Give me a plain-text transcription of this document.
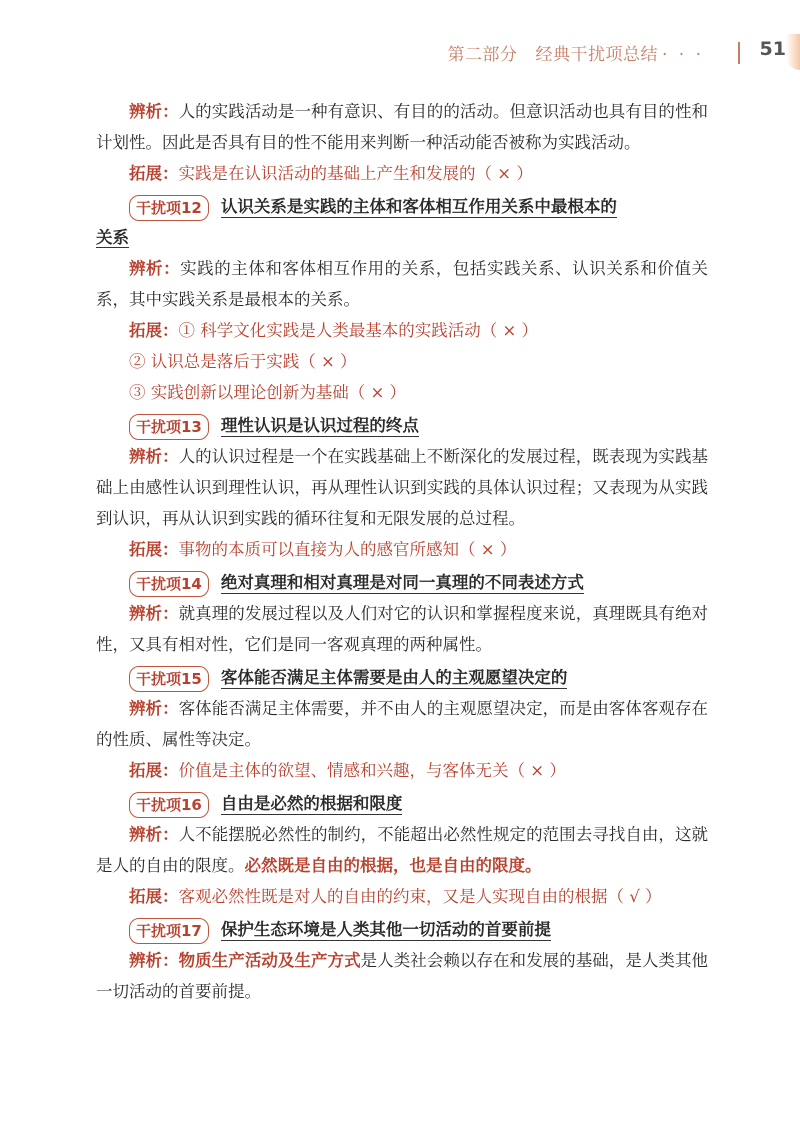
第二部分 经典干扰项总结 · · ·	51

辨析：人的实践活动是一种有意识、有目的的活动。但意识活动也具有目的性和计划性。因此是否具有目的性不能用来判断一种活动能否被称为实践活动。

拓展：实践是在认识活动的基础上产生和发展的（ × ）

干扰项12 认识关系是实践的主体和客体相互作用关系中最根本的

关系

辨析：实践的主体和客体相互作用的关系，包括实践关系、认识关系和价值关系，其中实践关系是最根本的关系。

拓展：① 科学文化实践是人类最基本的实践活动（ × ）

② 认识总是落后于实践（ × ）

③ 实践创新以理论创新为基础（ × ）

干扰项13 理性认识是认识过程的终点

辨析：人的认识过程是一个在实践基础上不断深化的发展过程，既表现为实践基础上由感性认识到理性认识，再从理性认识到实践的具体认识过程；又表现为从实践到认识，再从认识到实践的循环往复和无限发展的总过程。

拓展：事物的本质可以直接为人的感官所感知（ × ）

干扰项14 绝对真理和相对真理是对同一真理的不同表述方式

辨析：就真理的发展过程以及人们对它的认识和掌握程度来说，真理既具有绝对性，又具有相对性，它们是同一客观真理的两种属性。

干扰项15 客体能否满足主体需要是由人的主观愿望决定的

辨析：客体能否满足主体需要，并不由人的主观愿望决定，而是由客体客观存在的性质、属性等决定。

拓展：价值是主体的欲望、情感和兴趣，与客体无关（ × ）

干扰项16 自由是必然的根据和限度

辨析：人不能摆脱必然性的制约，不能超出必然性规定的范围去寻找自由，这就是人的自由的限度。必然既是自由的根据，也是自由的限度。

拓展：客观必然性既是对人的自由的约束，又是人实现自由的根据（ √ ）

干扰项17 保护生态环境是人类其他一切活动的首要前提

辨析：物质生产活动及生产方式是人类社会赖以存在和发展的基础，是人类其他一切活动的首要前提。
